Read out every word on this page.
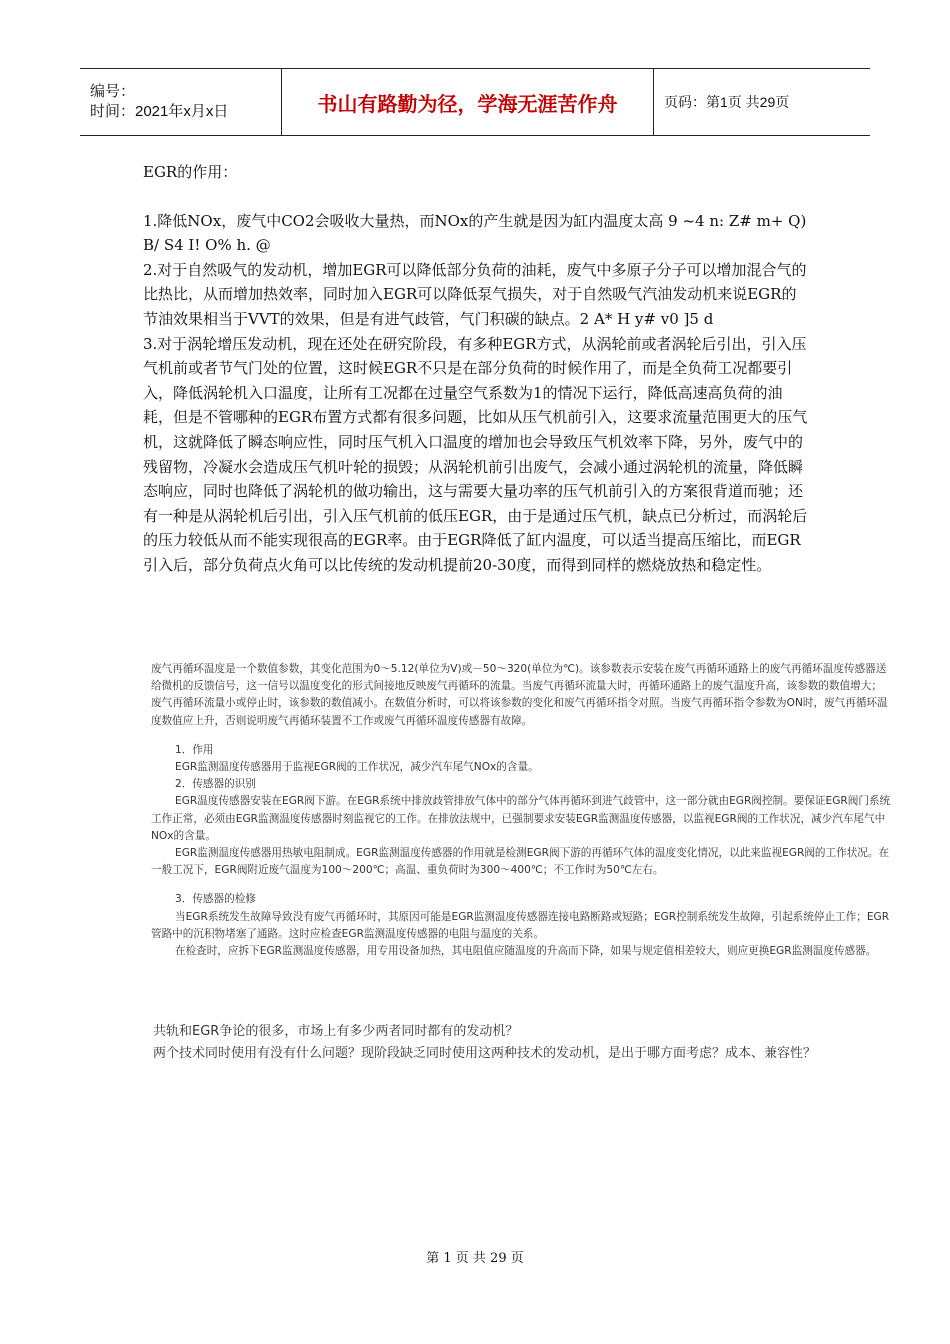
编号：
时间：2021年x月x日	书山有路勤为径，学海无涯苦作舟	页码：第1页 共29页

EGR的作用：

1.降低NOx，废气中CO2会吸收大量热，而NOx的产生就是因为缸内温度太高 9 ~4 n: Z# m+ Q) B/ S4 I! O% h. @

2.对于自然吸气的发动机，增加EGR可以降低部分负荷的油耗，废气中多原子分子可以增加混合气的比热比，从而增加热效率，同时加入EGR可以降低泵气损失，对于自然吸气汽油发动机来说EGR的节油效果相当于VVT的效果，但是有进气歧管，气门积碳的缺点。2 A* H y# v0 ]5 d

3.对于涡轮增压发动机，现在还处在研究阶段，有多种EGR方式，从涡轮前或者涡轮后引出，引入压气机前或者节气门处的位置，这时候EGR不只是在部分负荷的时候作用了，而是全负荷工况都要引入，降低涡轮机入口温度，让所有工况都在过量空气系数为1的情况下运行，降低高速高负荷的油耗，但是不管哪种的EGR布置方式都有很多问题，比如从压气机前引入，这要求流量范围更大的压气机，这就降低了瞬态响应性，同时压气机入口温度的增加也会导致压气机效率下降，另外，废气中的残留物，冷凝水会造成压气机叶轮的损毁；从涡轮机前引出废气，会减小通过涡轮机的流量，降低瞬态响应，同时也降低了涡轮机的做功输出，这与需要大量功率的压气机前引入的方案很背道而驰；还有一种是从涡轮机后引出，引入压气机前的低压EGR，由于是通过压气机，缺点已分析过，而涡轮后的压力较低从而不能实现很高的EGR率。由于EGR降低了缸内温度，可以适当提高压缩比，而EGR引入后，部分负荷点火角可以比传统的发动机提前20-30度，而得到同样的燃烧放热和稳定性。

废气再循环温度是一个数值参数，其变化范围为0～5.12(单位为V)或－50～320(单位为℃)。该参数表示安装在废气再循环通路上的废气再循环温度传感器送给微机的反馈信号，这一信号以温度变化的形式间接地反映废气再循环的流量。当废气再循环流量大时，再循环通路上的废气温度升高，该参数的数值增大；废气再循环流量小或停止时，该参数的数值减小。在数值分析时，可以将该参数的变化和废气再循环指令对照。当废气再循环指令参数为ON时，废气再循环温度数值应上升，否则说明废气再循环装置不工作或废气再循环温度传感器有故障。

1．作用

EGR监测温度传感器用于监视EGR阀的工作状况，减少汽车尾气NOx的含量。

2．传感器的识别

EGR温度传感器安装在EGR阀下游。在EGR系统中排放歧管排放气体中的部分气体再循环到进气歧管中，这一部分就由EGR阀控制。要保证EGR阀门系统工作正常，必须由EGR监测温度传感器时刻监视它的工作。在排放法规中，已强制要求安装EGR监测温度传感器，以监视EGR阀的工作状况，减少汽车尾气中NOx的含量。

EGR监测温度传感器用热敏电阻制成。EGR监测温度传感器的作用就是检测EGR阀下游的再循环气体的温度变化情况，以此来监视EGR阀的工作状况。在一般工况下，EGR阀附近废气温度为100～200℃；高温、重负荷时为300～400℃；不工作时为50℃左右。

3．传感器的检修

当EGR系统发生故障导致没有废气再循环时，其原因可能是EGR监测温度传感器连接电路断路或短路；EGR控制系统发生故障，引起系统停止工作；EGR管路中的沉积物堵塞了通路。这时应检查EGR监测温度传感器的电阻与温度的关系。

在检查时，应拆下EGR监测温度传感器，用专用设备加热，其电阻值应随温度的升高而下降，如果与规定值相差较大，则应更换EGR监测温度传感器。

共轨和EGR争论的很多，市场上有多少两者同时都有的发动机？

两个技术同时使用有没有什么问题？现阶段缺乏同时使用这两种技术的发动机，是出于哪方面考虑？成本、兼容性？

第 1 页 共 29 页
